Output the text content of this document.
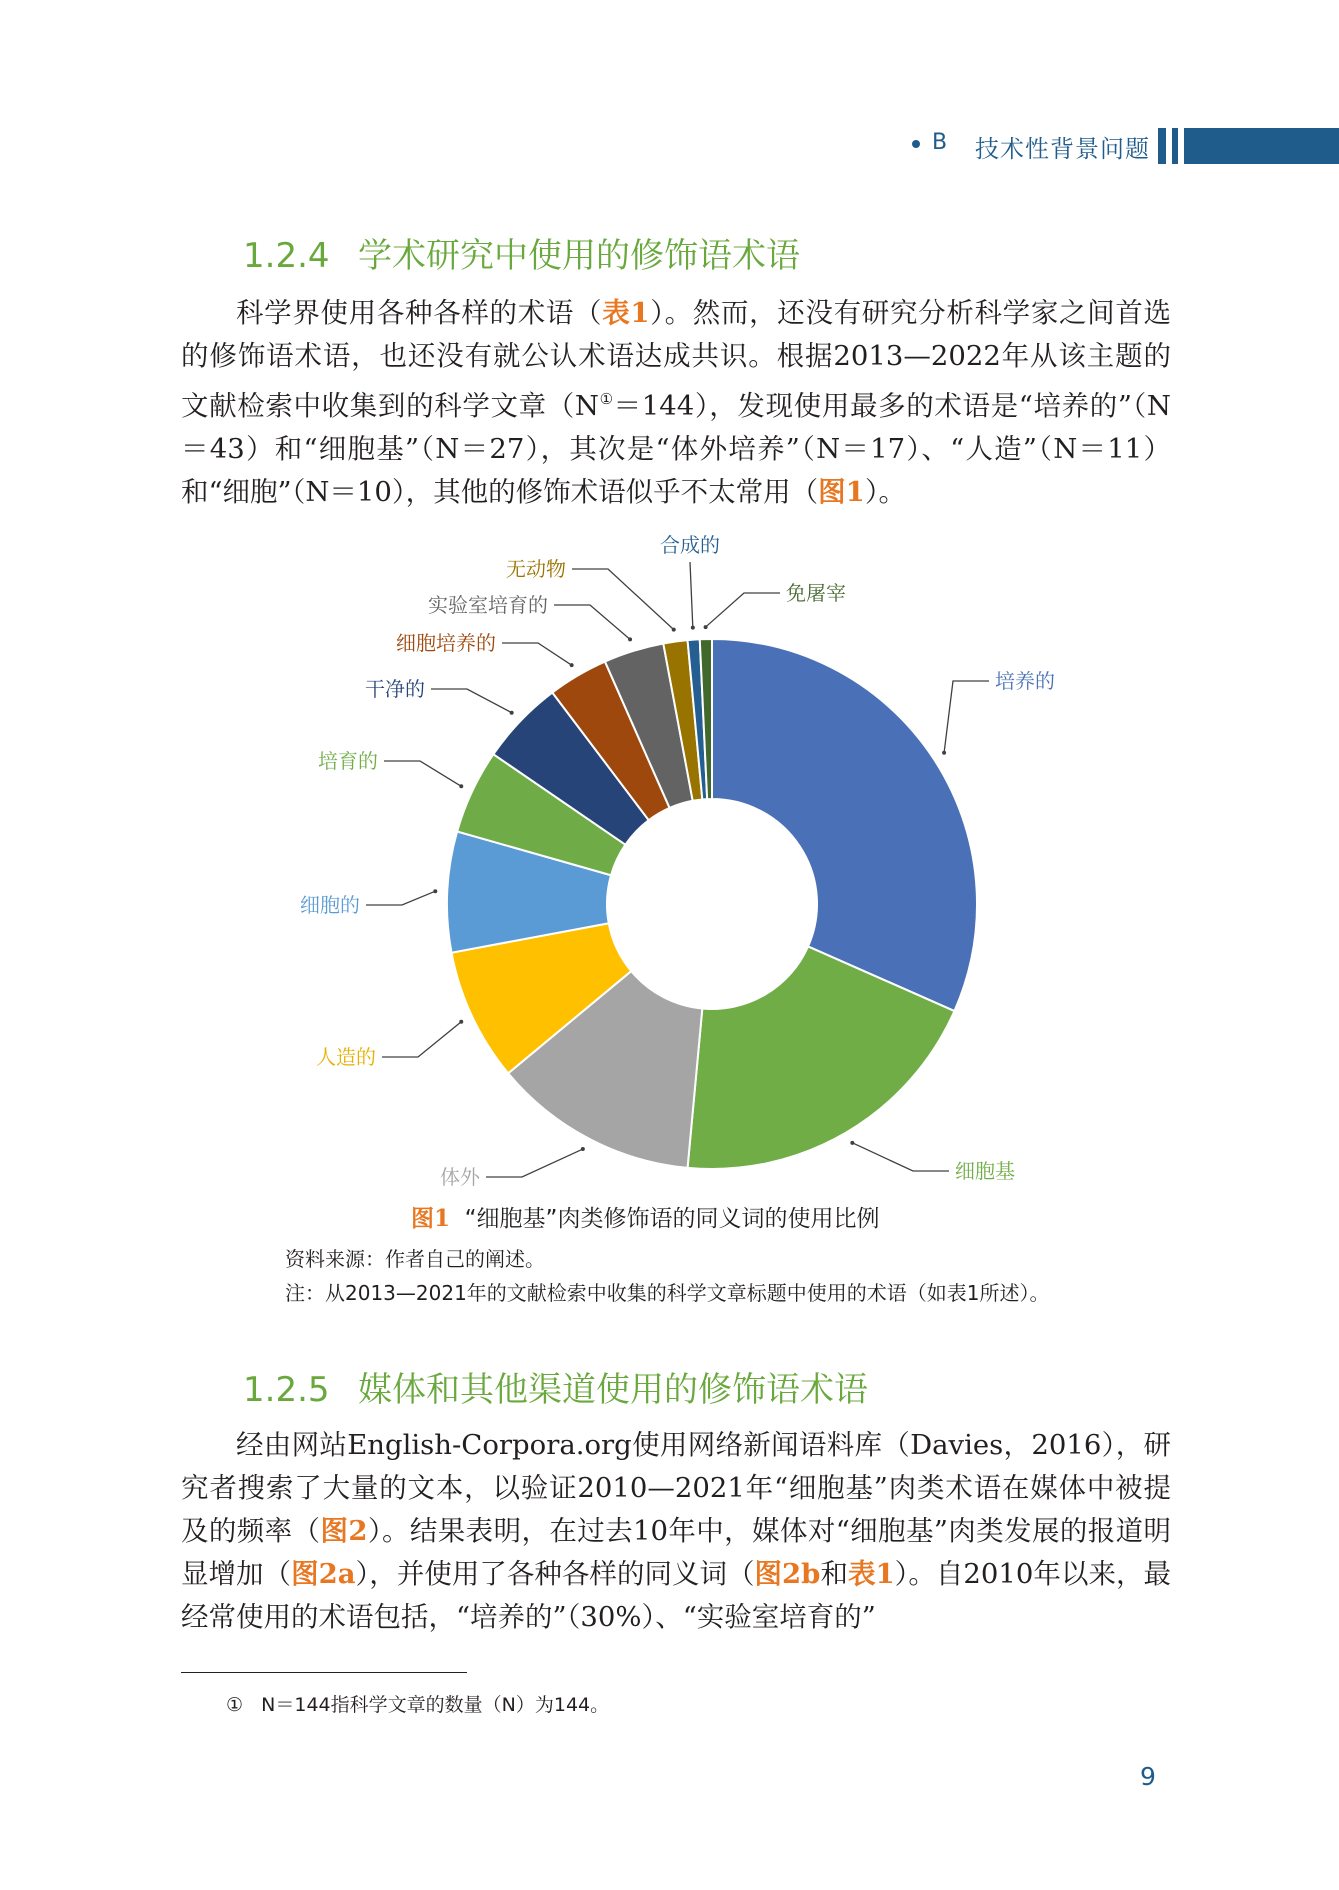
B 技术性背景问题
1.2.4 学术研究中使用的修饰语术语

科学界使用各种各样的术语（表1）。然而，还没有研究分析科学家之间首选的修饰语术语，也还没有就公认术语达成共识。根据2013—2022年从该主题的文献检索中收集到的科学文章（N①＝144），发现使用最多的术语是“培养的”（N＝43）和“细胞基”（N＝27），其次是“体外培养”（N＝17）、“人造”（N＝11）和“细胞”（N＝10），其他的修饰术语似乎不太常用（图1）。

培养的
细胞基
体外
人造的
细胞的
培育的
干净的
细胞培养的
实验室培育的
无动物
合成的
免屠宰
图1 “细胞基”肉类修饰语的同义词的使用比例
资料来源：作者自己的阐述。
注：从2013—2021年的文献检索中收集的科学文章标题中使用的术语（如表1所述）。
1.2.5 媒体和其他渠道使用的修饰语术语

经由网站English-Corpora.org使用网络新闻语料库（Davies，2016），研究者搜索了大量的文本，以验证2010—2021年“细胞基”肉类术语在媒体中被提及的频率（图2）。结果表明，在过去10年中，媒体对“细胞基”肉类发展的报道明显增加（图2a），并使用了各种各样的同义词（图2b和表1）。自2010年以来，最经常使用的术语包括，“培养的”（30%）、“实验室培育的”

① N＝144指科学文章的数量（N）为144。
9
